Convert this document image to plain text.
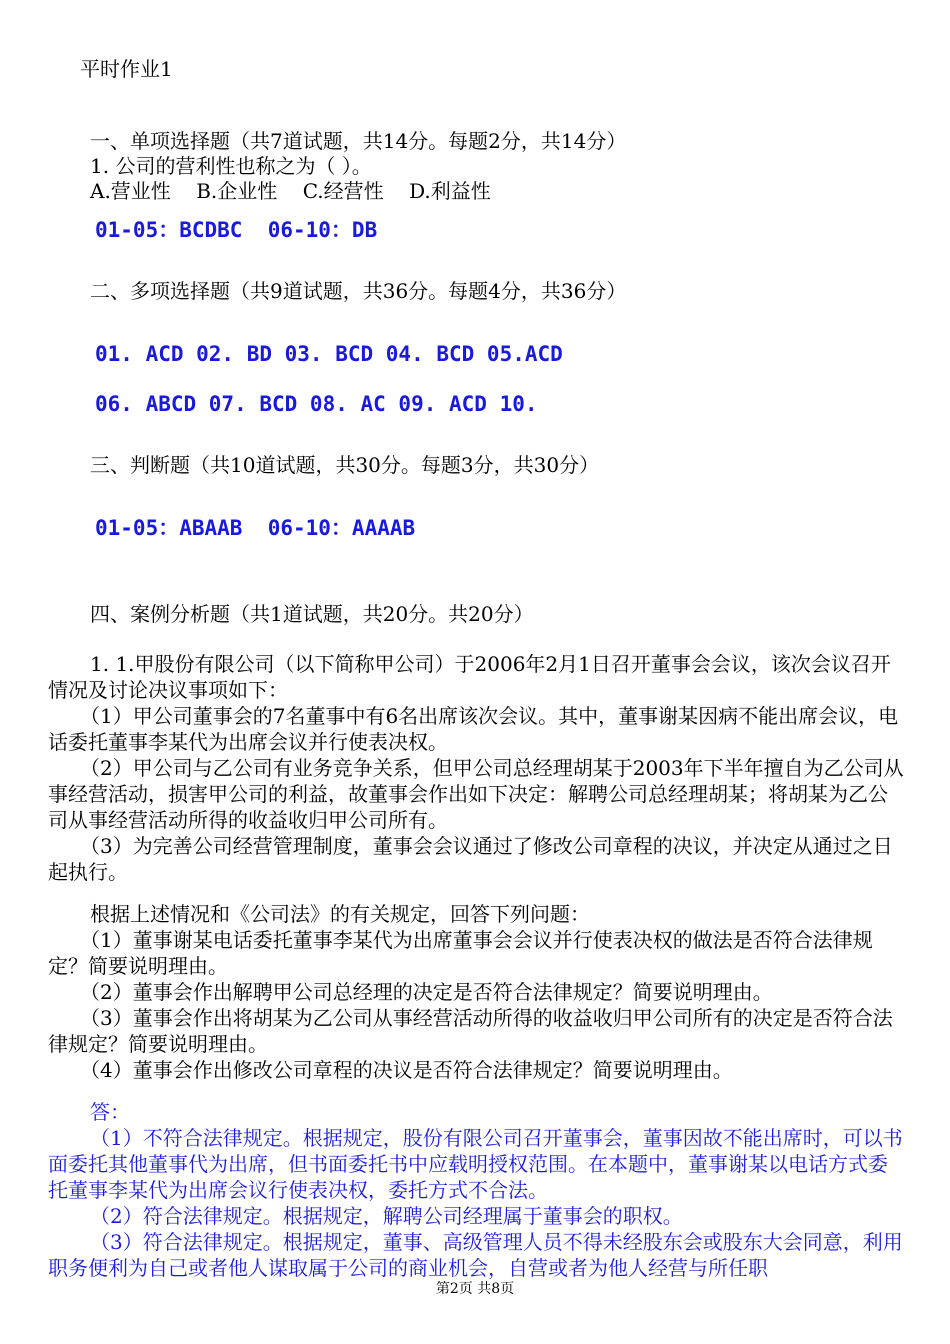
平时作业1
一、单项选择题（共7道试题，共14分。每题2分，共14分）
1. 公司的营利性也称之为（ ）。
A.营业性    B.企业性    C.经营性    D.利益性
01-05：BCDBC  06-10：DB
二、多项选择题（共9道试题，共36分。每题4分，共36分）
01. ACD 02. BD 03. BCD 04. BCD 05.ACD
06. ABCD 07. BCD 08. AC 09. ACD 10.
三、判断题（共10道试题，共30分。每题3分，共30分）
01-05：ABAAB  06-10：AAAAB
四、案例分析题（共1道试题，共20分。共20分）
1. 1.甲股份有限公司（以下简称甲公司）于2006年2月1日召开董事会会议，该次会议召开情况及讨论决议事项如下：
（1）甲公司董事会的7名董事中有6名出席该次会议。其中，董事谢某因病不能出席会议，电话委托董事李某代为出席会议并行使表决权。
（2）甲公司与乙公司有业务竞争关系，但甲公司总经理胡某于2003年下半年擅自为乙公司从事经营活动，损害甲公司的利益，故董事会作出如下决定：解聘公司总经理胡某；将胡某为乙公司从事经营活动所得的收益收归甲公司所有。
（3）为完善公司经营管理制度，董事会会议通过了修改公司章程的决议，并决定从通过之日起执行。
根据上述情况和《公司法》的有关规定，回答下列问题：
（1）董事谢某电话委托董事李某代为出席董事会会议并行使表决权的做法是否符合法律规定？简要说明理由。
（2）董事会作出解聘甲公司总经理的决定是否符合法律规定？简要说明理由。
（3）董事会作出将胡某为乙公司从事经营活动所得的收益收归甲公司所有的决定是否符合法律规定？简要说明理由。
（4）董事会作出修改公司章程的决议是否符合法律规定？简要说明理由。
答：
（1）不符合法律规定。根据规定，股份有限公司召开董事会，董事因故不能出席时，可以书面委托其他董事代为出席，但书面委托书中应载明授权范围。在本题中，董事谢某以电话方式委托董事李某代为出席会议行使表决权，委托方式不合法。
（2）符合法律规定。根据规定，解聘公司经理属于董事会的职权。
（3）符合法律规定。根据规定，董事、高级管理人员不得未经股东会或股东大会同意，利用职务便利为自己或者他人谋取属于公司的商业机会，自营或者为他人经营与所任职
第2页 共8页
